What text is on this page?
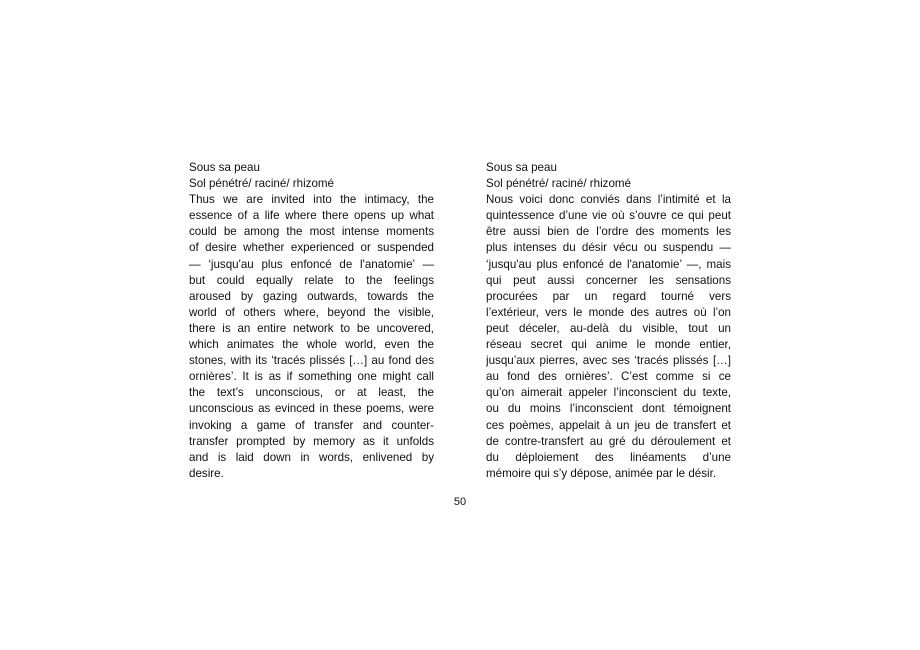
Sous sa peau
Sol pénétré/ raciné/ rhizomé
Thus we are invited into the intimacy, the
essence of a life where there opens up what
could be among the most intense moments
of desire whether experienced or suspended
— ‘jusqu'au plus enfoncé de l'anatomie’ —
but could equally relate to the feelings
aroused by gazing outwards, towards the
world of others where, beyond the visible,
there is an entire network to be uncovered,
which animates the whole world, even the
stones, with its ‘tracés plissés […] au fond des
ornières’. It is as if something one might call
the text’s unconscious, or at least, the
unconscious as evinced in these poems, were
invoking a game of transfer and counter-
transfer prompted by memory as it unfolds
and is laid down in words, enlivened by
desire.
Sous sa peau
Sol pénétré/ raciné/ rhizomé
Nous voici donc conviés dans l’intimité et la
quintessence d’une vie où s’ouvre ce qui peut
être aussi bien de l’ordre des moments les
plus intenses du désir vécu ou suspendu —
‘jusqu'au plus enfoncé de l'anatomie’ —, mais
qui peut aussi concerner les sensations
procurées par un regard tourné vers
l’extérieur, vers le monde des autres où l’on
peut déceler, au-delà du visible, tout un
réseau secret qui anime le monde entier,
jusqu’aux pierres, avec ses ‘tracés plissés […]
au fond des ornières’. C’est comme si ce
qu’on aimerait appeler l’inconscient du texte,
ou du moins l’inconscient dont témoignent
ces poèmes, appelait à un jeu de transfert et
de contre-transfert au gré du déroulement et
du déploiement des linéaments d’une
mémoire qui s’y dépose, animée par le désir.
50
